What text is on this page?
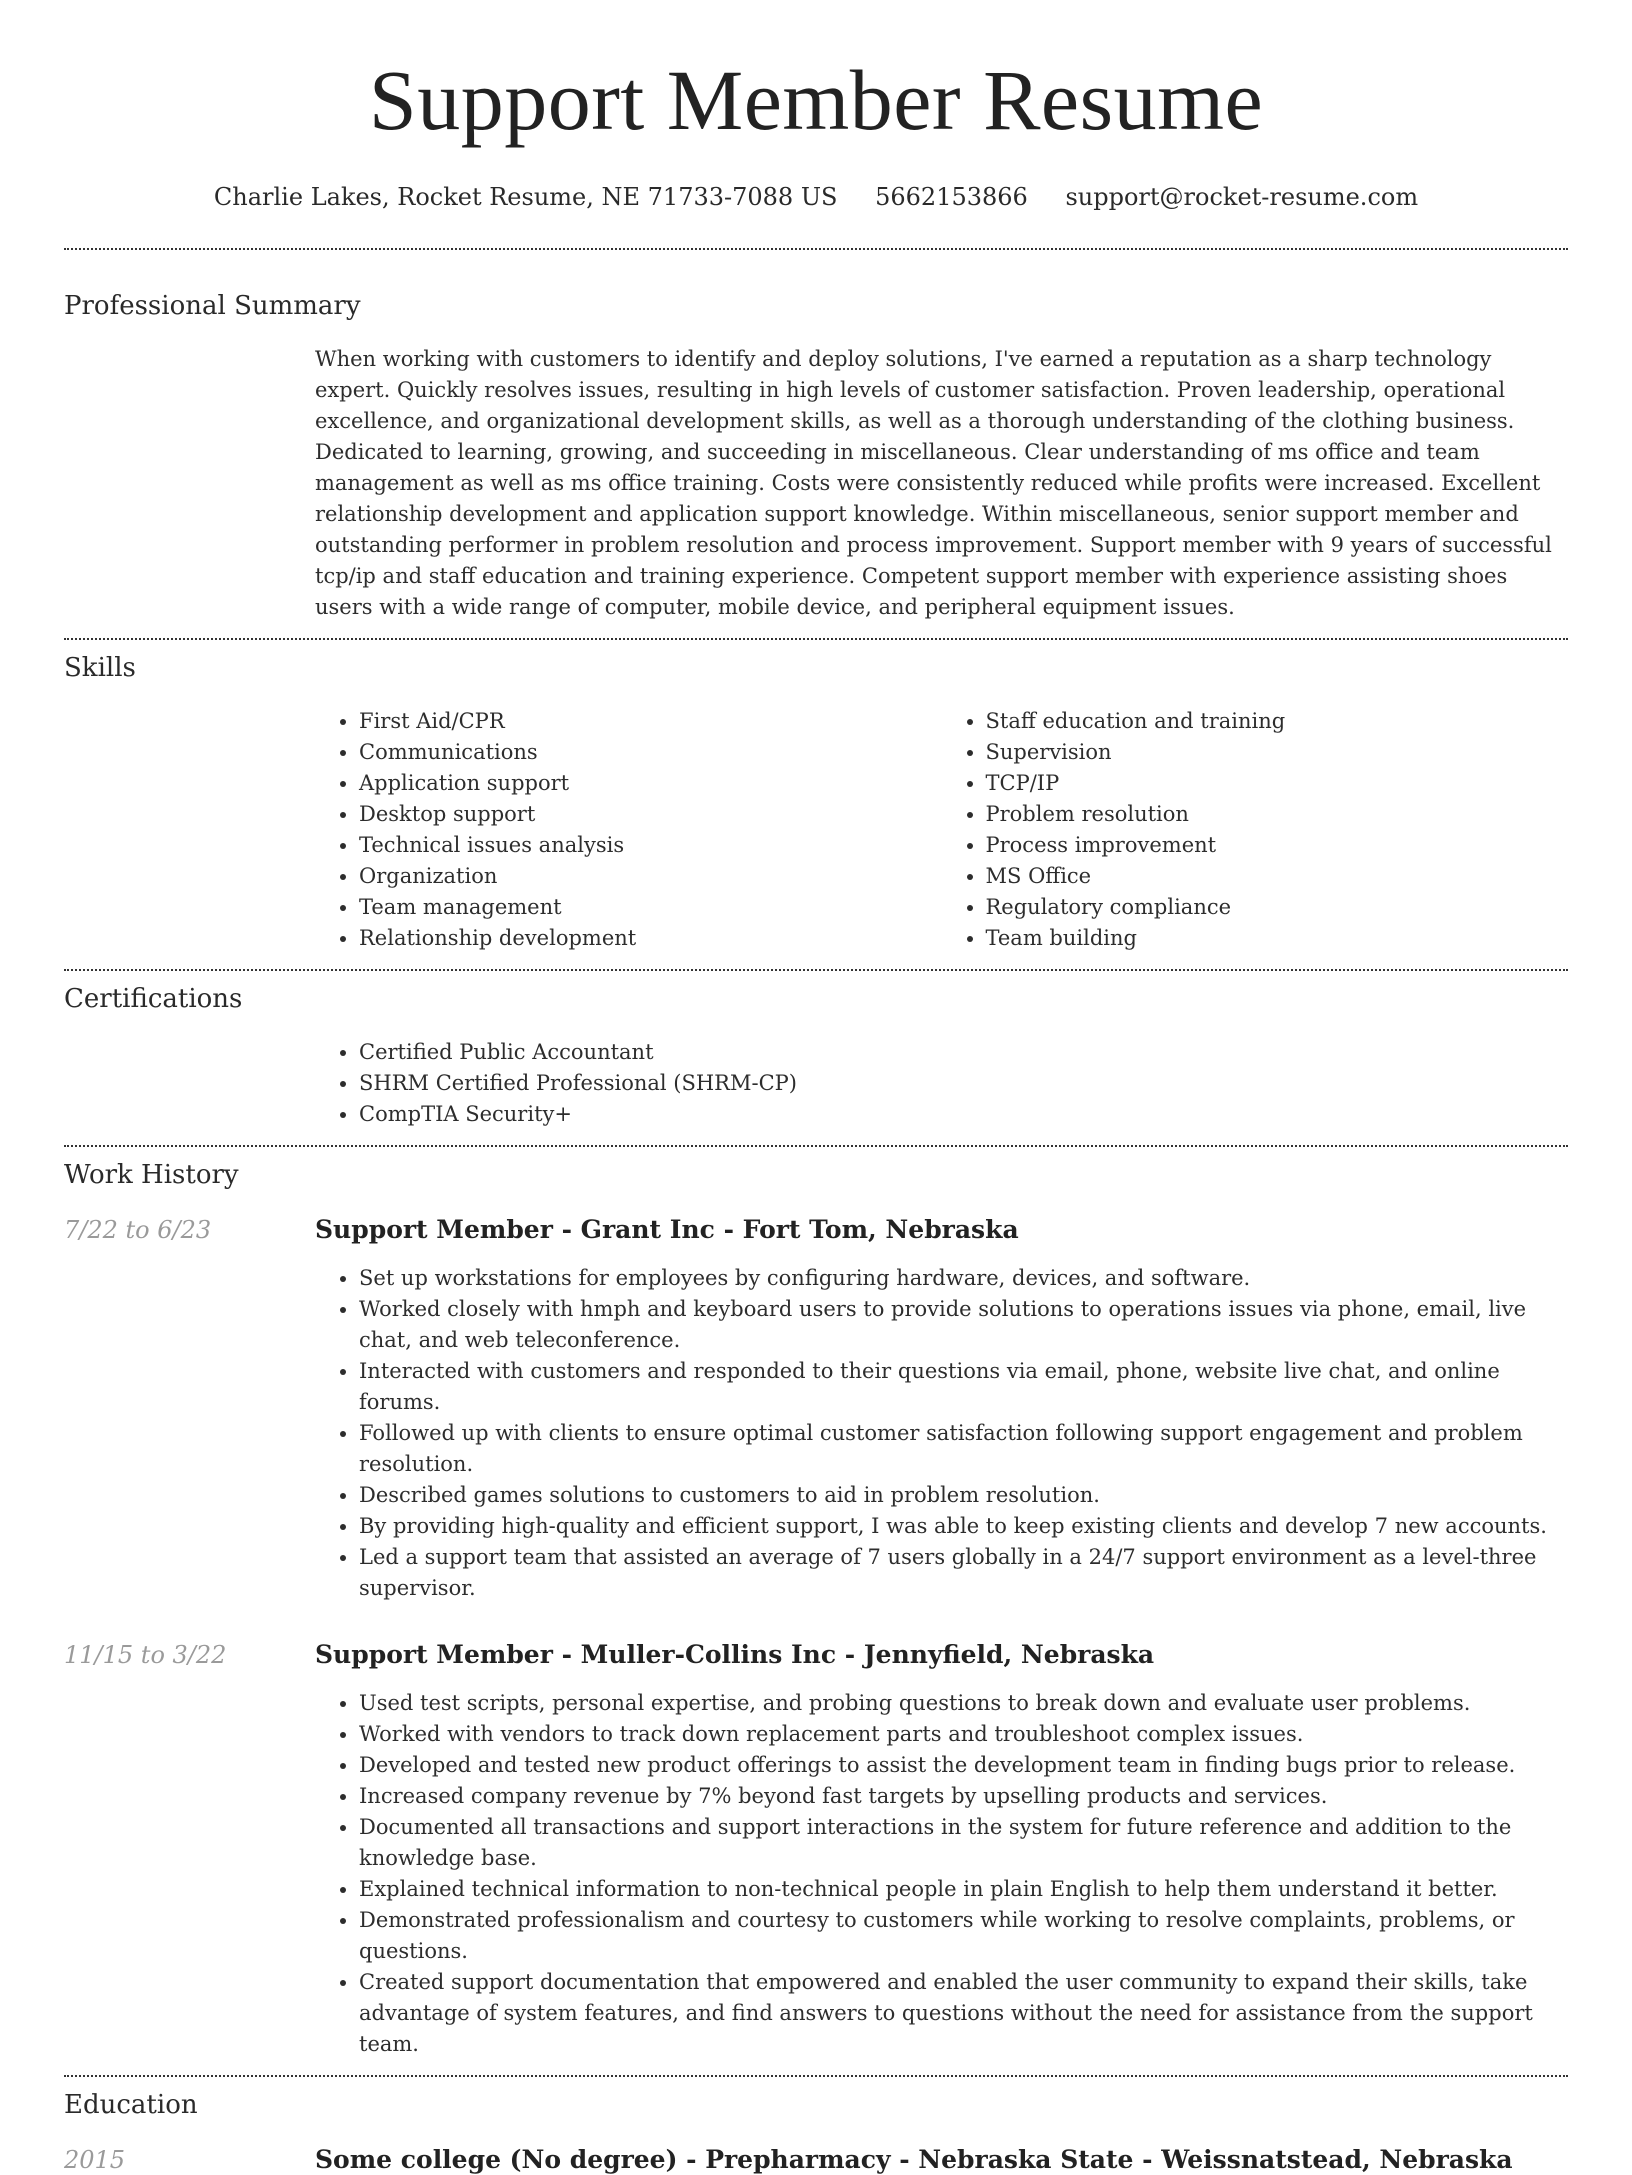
Support Member Resume
Charlie Lakes, Rocket Resume, NE 71733-7088 US 5662153866 support@rocket-resume.com
Professional Summary

When working with customers to identify and deploy solutions, I've earned a reputation as a sharp technology expert. Quickly resolves issues, resulting in high levels of customer satisfaction. Proven leadership, operational excellence, and organizational development skills, as well as a thorough understanding of the clothing business. Dedicated to learning, growing, and succeeding in miscellaneous. Clear understanding of ms office and team management as well as ms office training. Costs were consistently reduced while profits were increased. Excellent relationship development and application support knowledge. Within miscellaneous, senior support member and outstanding performer in problem resolution and process improvement. Support member with 9 years of successful tcp/ip and staff education and training experience. Competent support member with experience assisting shoes users with a wide range of computer, mobile device, and peripheral equipment issues.

Skills
• First Aid/CPR
• Communications
• Application support
• Desktop support
• Technical issues analysis
• Organization
• Team management
• Relationship development
• Staff education and training
• Supervision
• TCP/IP
• Problem resolution
• Process improvement
• MS Office
• Regulatory compliance
• Team building
Certifications
• Certified Public Accountant
• SHRM Certified Professional (SHRM-CP)
• CompTIA Security+
Work History
7/22 to 6/23	Support Member - Grant Inc - Fort Tom, Nebraska
• Set up workstations for employees by configuring hardware, devices, and software.
• Worked closely with hmph and keyboard users to provide solutions to operations issues via phone, email, live chat, and web teleconference.
• Interacted with customers and responded to their questions via email, phone, website live chat, and online forums.
• Followed up with clients to ensure optimal customer satisfaction following support engagement and problem resolution.
• Described games solutions to customers to aid in problem resolution.
• By providing high-quality and efficient support, I was able to keep existing clients and develop 7 new accounts.
• Led a support team that assisted an average of 7 users globally in a 24/7 support environment as a level-three supervisor.
11/15 to 3/22	Support Member - Muller-Collins Inc - Jennyfield, Nebraska
• Used test scripts, personal expertise, and probing questions to break down and evaluate user problems.
• Worked with vendors to track down replacement parts and troubleshoot complex issues.
• Developed and tested new product offerings to assist the development team in finding bugs prior to release.
• Increased company revenue by 7% beyond fast targets by upselling products and services.
• Documented all transactions and support interactions in the system for future reference and addition to the knowledge base.
• Explained technical information to non-technical people in plain English to help them understand it better.
• Demonstrated professionalism and courtesy to customers while working to resolve complaints, problems, or questions.
• Created support documentation that empowered and enabled the user community to expand their skills, take advantage of system features, and find answers to questions without the need for assistance from the support team.
Education
2015	Some college (No degree) - Prepharmacy - Nebraska State - Weissnatstead, Nebraska
